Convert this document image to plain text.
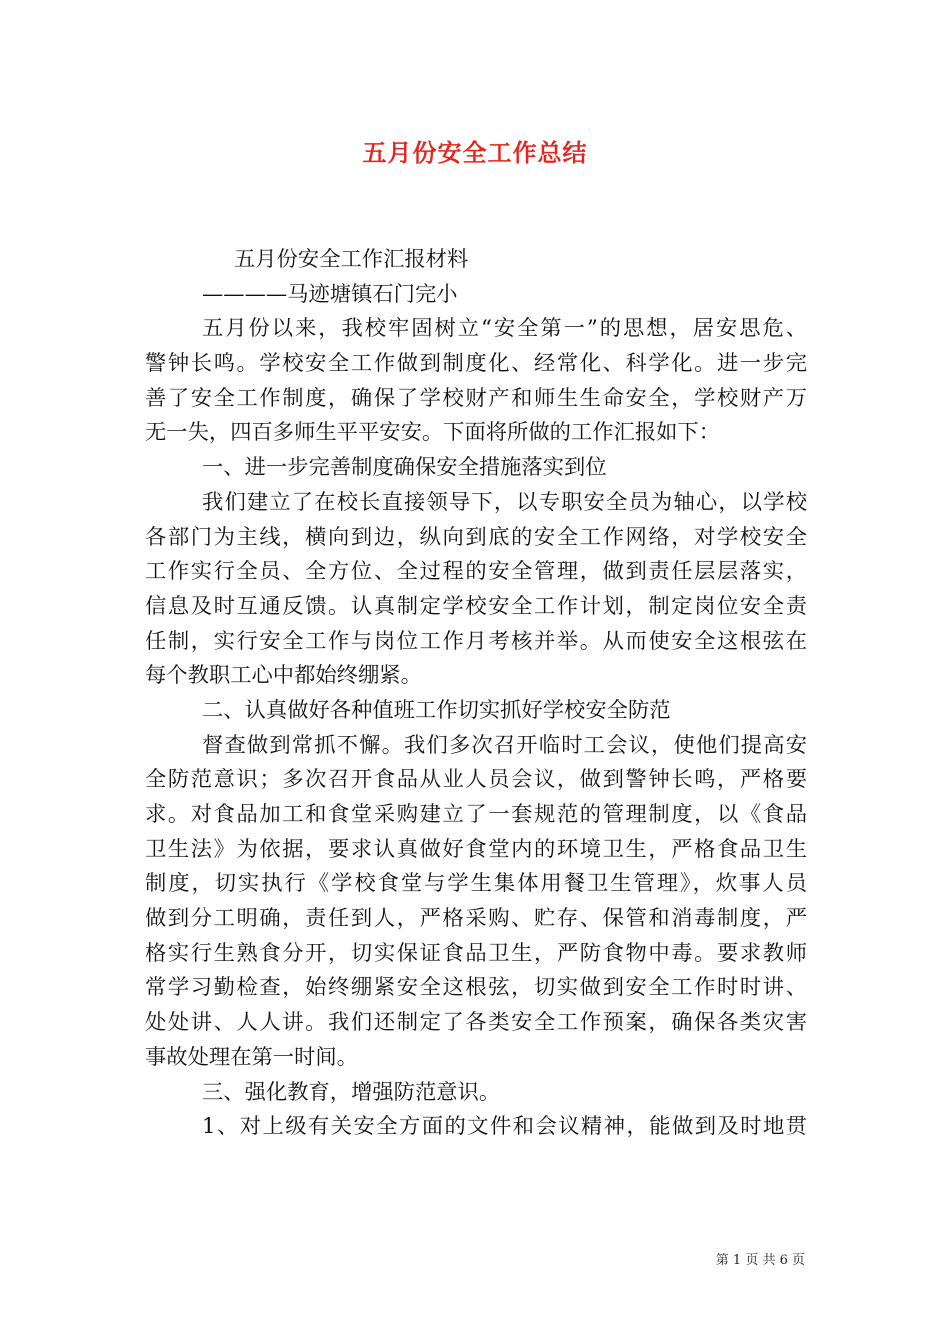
五月份安全工作总结
五月份安全工作汇报材料
————马迹塘镇石门完小
五月份以来，我校牢固树立“安全第一”的思想，居安思危、
警钟长鸣。学校安全工作做到制度化、经常化、科学化。进一步完
善了安全工作制度，确保了学校财产和师生生命安全，学校财产万
无一失，四百多师生平平安安。下面将所做的工作汇报如下：
一、进一步完善制度确保安全措施落实到位
我们建立了在校长直接领导下，以专职安全员为轴心，以学校
各部门为主线，横向到边，纵向到底的安全工作网络，对学校安全
工作实行全员、全方位、全过程的安全管理，做到责任层层落实，
信息及时互通反馈。认真制定学校安全工作计划，制定岗位安全责
任制，实行安全工作与岗位工作月考核并举。从而使安全这根弦在
每个教职工心中都始终绷紧。
二、认真做好各种值班工作切实抓好学校安全防范
督查做到常抓不懈。我们多次召开临时工会议，使他们提高安
全防范意识；多次召开食品从业人员会议，做到警钟长鸣，严格要
求。对食品加工和食堂采购建立了一套规范的管理制度，以《食品
卫生法》为依据，要求认真做好食堂内的环境卫生，严格食品卫生
制度，切实执行《学校食堂与学生集体用餐卫生管理》，炊事人员
做到分工明确，责任到人，严格采购、贮存、保管和消毒制度，严
格实行生熟食分开，切实保证食品卫生，严防食物中毒。要求教师
常学习勤检查，始终绷紧安全这根弦，切实做到安全工作时时讲、
处处讲、人人讲。我们还制定了各类安全工作预案，确保各类灾害
事故处理在第一时间。
三、强化教育，增强防范意识。
1、对上级有关安全方面的文件和会议精神，能做到及时地贯
第 1 页 共 6 页
